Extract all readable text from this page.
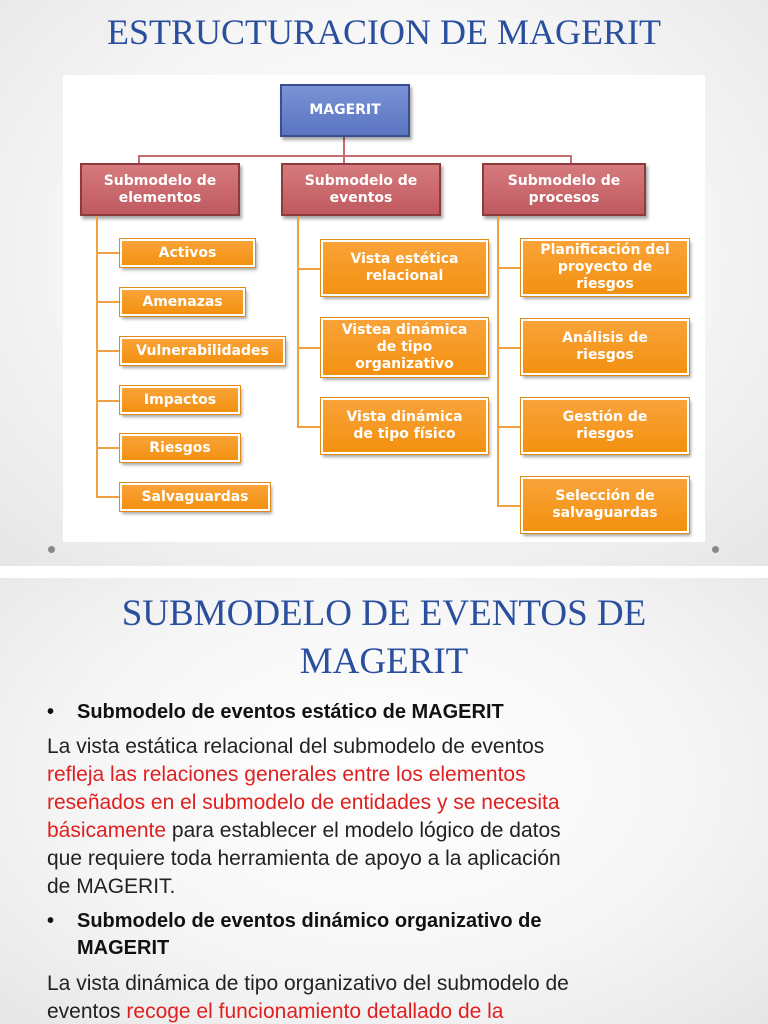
ESTRUCTURACION DE MAGERIT
MAGERIT
Submodelo de
elementos
Submodelo de
eventos
Submodelo de
procesos
Activos
Amenazas
Vulnerabilidades
Impactos
Riesgos
Salvaguardas
Vista estética
relacional
Vistea dinámica
de tipo
organizativo
Vista dinámica
de tipo físico
Planificación del
proyecto de
riesgos
Análisis de
riesgos
Gestión de
riesgos
Selección de
salvaguardas
SUBMODELO DE EVENTOS DE
MAGERIT
• Submodelo de eventos estático de MAGERIT
La vista estática relacional del submodelo de eventos
refleja las relaciones generales entre los elementos
reseñados en el submodelo de entidades y se necesita
básicamente para establecer el modelo lógico de datos
que requiere toda herramienta de apoyo a la aplicación
de MAGERIT.
• Submodelo de eventos dinámico organizativo de
MAGERIT
La vista dinámica de tipo organizativo del submodelo de
eventos recoge el funcionamiento detallado de la
